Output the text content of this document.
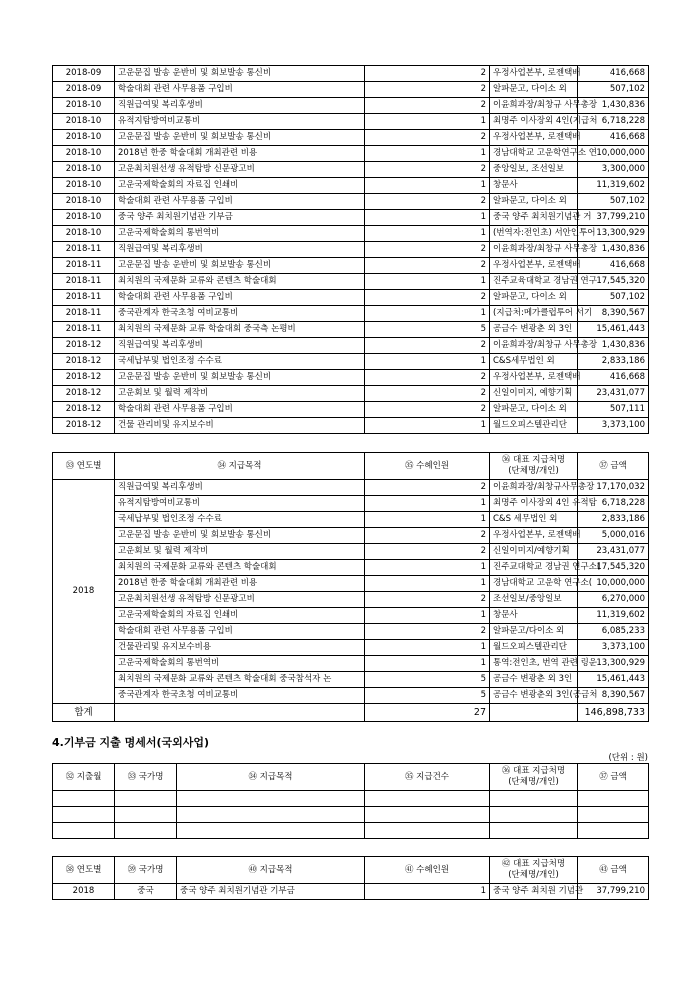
2018-09	고운문집 발송 운반비 및 회보발송 통신비	2	우정사업본부, 로젠택배	416,668
2018-09	학술대회 관련 사무용품 구입비	2	알파문고, 다이소 외	507,102
2018-10	직원급여및 복리후생비	2	이윤희과장/최창규 사무총장	1,430,836
2018-10	유적지탐방여비교통비	1	최명주 이사장외 4인(지급처	6,718,228
2018-10	고운문집 발송 운반비 및 회보발송 통신비	2	우정사업본부, 로젠택배	416,668
2018-10	2018년 한중 학술대회 개최관련 비용	1	경남대학교 고운학연구소 연	10,000,000
2018-10	고운최치원선생 유적탐방 신문광고비	2	중앙일보, 조선일보	3,300,000
2018-10	고운국제학술회의 자료집 인쇄비	1	창문사	11,319,602
2018-10	학술대회 관련 사무용품 구입비	2	알파문고, 다이소 외	507,102
2018-10	중국 양주 최치원기념관 기부금	1	중국 양주 최치원기념관 거	37,799,210
2018-10	고운국제학술회의 통번역비	1	(번역자:전인초) 서안인투어	13,300,929
2018-11	직원급여및 복리후생비	2	이윤희과장/최창규 사무총장	1,430,836
2018-11	고운문집 발송 운반비 및 회보발송 통신비	2	우정사업본부, 로젠택배	416,668
2018-11	최치원의 국제문화 교류와 콘텐츠 학술대회	1	진주교육대학교 경남권 연구	17,545,320
2018-11	학술대회 관련 사무용품 구입비	2	알파문고, 다이소 외	507,102
2018-11	중국관계자 한국초청 여비교통비	1	(지급처:메가클럽투어 서기	8,390,567
2018-11	최치원의 국제문화 교류 학술대회 중국측 논평비	5	공금수 변광춘 외 3인	15,461,443
2018-12	직원급여및 복리후생비	2	이윤희과장/최창규 사무총장	1,430,836
2018-12	국세납부및 법인조정 수수료	1	C&S세무법인 외	2,833,186
2018-12	고운문집 발송 운반비 및 회보발송 통신비	2	우정사업본부, 로젠택배	416,668
2018-12	고운회보 및 월력 제작비	2	신일이미지, 예향기획	23,431,077
2018-12	학술대회 관련 사무용품 구입비	2	알파문고, 다이소 외	507,111
2018-12	건물 관리비및 유지보수비	1	월드오피스텔관리단	3,373,100
㉝ 연도별	㉞ 지급목적	㉟ 수혜인원	㊱ 대표 지급처명
(단체명/개인)	㊲ 금액
2018	직원급여및 복리후생비	2	이윤희과장/최창규사무총장	17,170,032
	유적지탐방여비교통비	1	최명주 이사장외 4인 유적탐	6,718,228
	국세납부및 법인조정 수수료	1	C&S 세무법인 외	2,833,186
	고운문집 발송 운반비 및 회보발송 통신비	2	우정사업본부, 로젠택배	5,000,016
	고운회보 및 월력 제작비	2	신일이미지/예향기획	23,431,077
	최치원의 국제문화 교류와 콘텐츠 학술대회	1	진주교대학교 경남권 연구소(	17,545,320
	2018년 한중 학술대회 개최관련 비용	1	경남대학교 고운학 연구소(	10,000,000
	고운최치원선생 유적탐방 신문광고비	2	조선일보/중앙일보	6,270,000
	고운국제학술회의 자료집 인쇄비	1	창문사	11,319,602
	학술대회 관련 사무용품 구입비	2	알파문고/다이소 외	6,085,233
	건물관리및 유지보수비용	1	월드오피스텔관리단	3,373,100
	고운국제학술회의 통번역비	1	통역:전인초, 번역 관련 링운	13,300,929
	최치원의 국제문화 교류와 콘텐츠 학술대회 중국참석자 논	5	공금수 변광춘 외 3인	15,461,443
	중국관계자 한국초청 여비교통비	5	공금수 변광춘외 3인(공금처	8,390,567
합계		27		146,898,733
4.기부금 지출 명세서(국외사업)
(단위 : 원)
㉜ 지출월	㉝ 국가명	㉞ 지급목적	㉟ 지급건수	㊱ 대표 지급처명
(단체명/개인)	㊲ 금액

㊳ 연도별	㊴ 국가명	㊵ 지급목적	㊶ 수혜인원	㊷ 대표 지급처명
(단체명/개인)	㊸ 금액
2018	중국	중국 양주 최치원기념관 기부금	1	중국 양주 최치원 기념관	37,799,210
